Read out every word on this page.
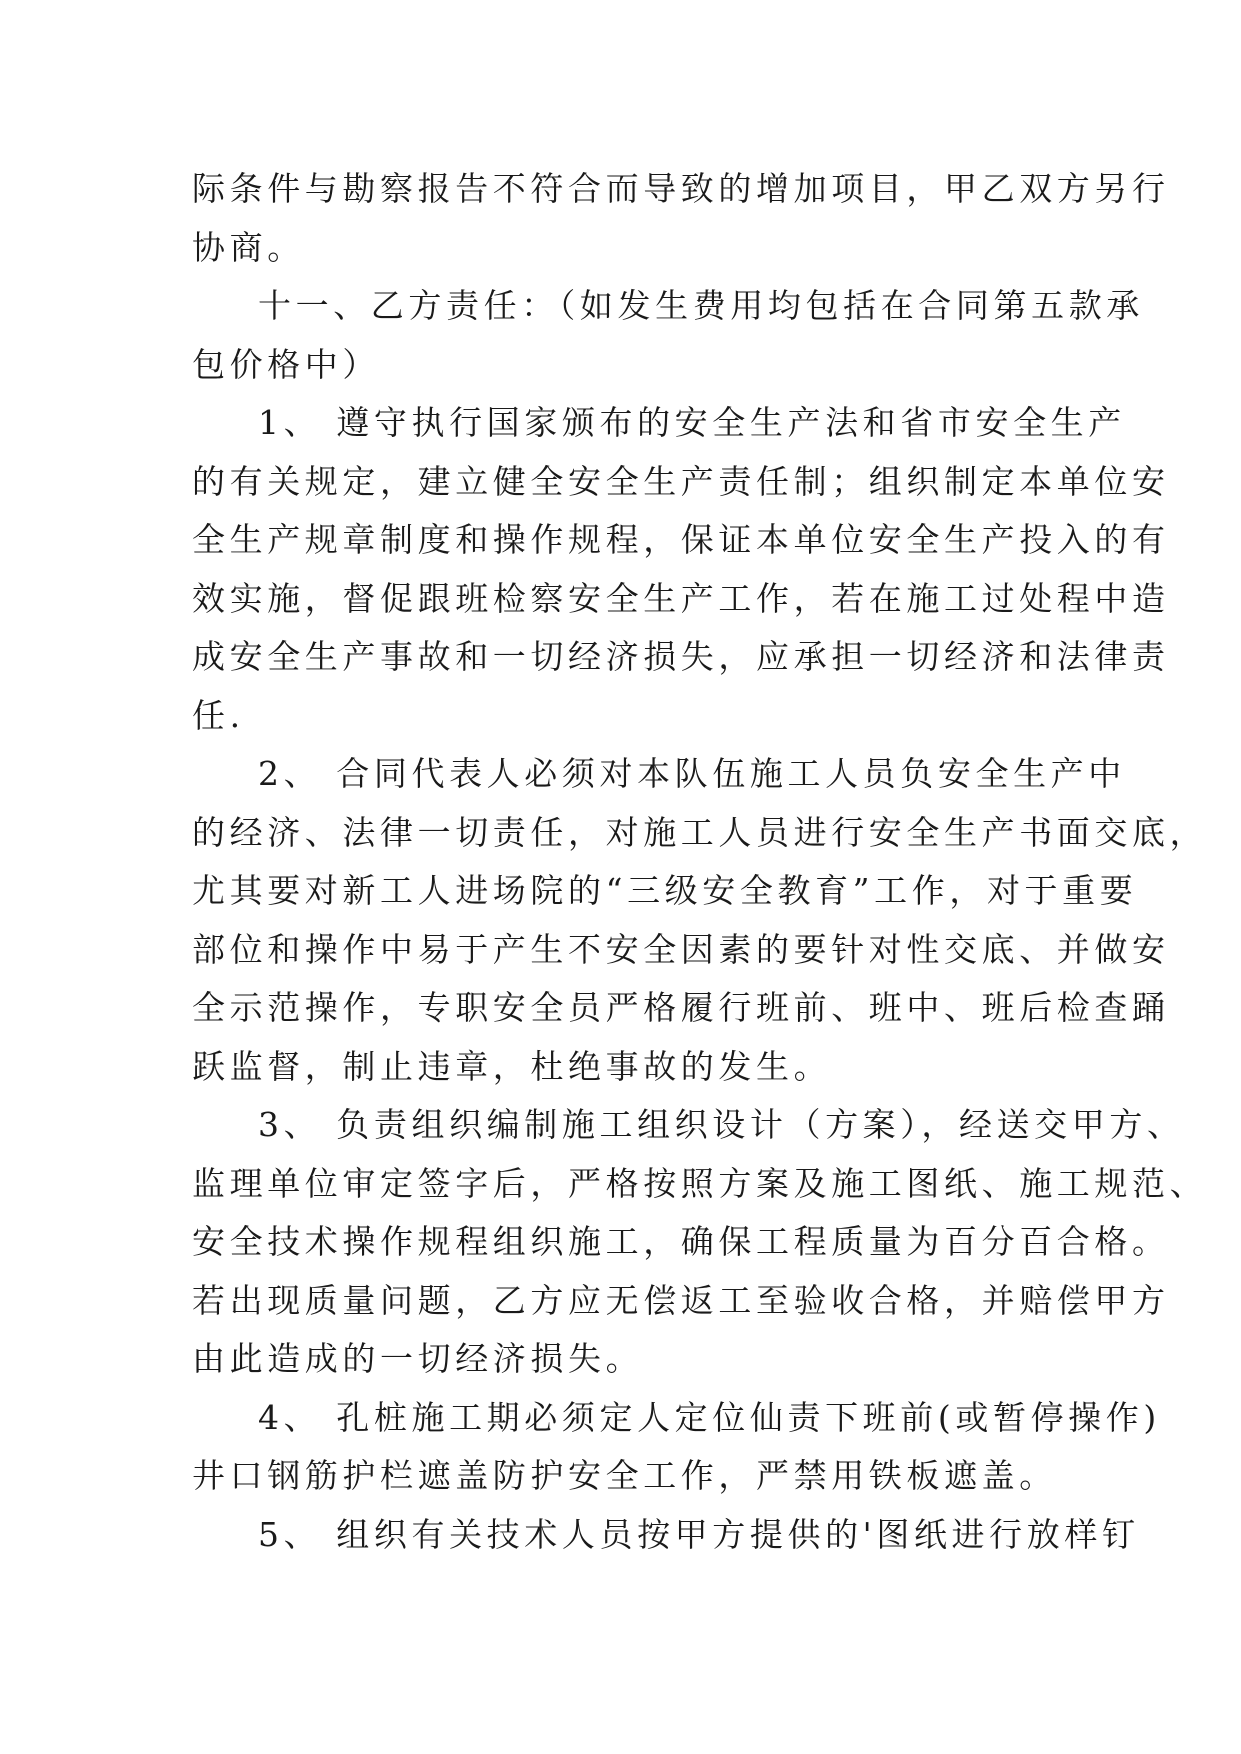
际条件与勘察报告不符合而导致的增加项目，甲乙双方另行
协商。

十一、乙方责任：（如发生费用均包括在合同第五款承
包价格中）

1、 遵守执行国家颁布的安全生产法和省市安全生产
的有关规定，建立健全安全生产责任制；组织制定本单位安
全生产规章制度和操作规程，保证本单位安全生产投入的有
效实施，督促跟班检察安全生产工作，若在施工过处程中造
成安全生产事故和一切经济损失，应承担一切经济和法律责
任.

2、 合同代表人必须对本队伍施工人员负安全生产中
的经济、法律一切责任，对施工人员进行安全生产书面交底，
尤其要对新工人进场院的“三级安全教育”工作，对于重要
部位和操作中易于产生不安全因素的要针对性交底、并做安
全示范操作，专职安全员严格履行班前、班中、班后检查踊
跃监督，制止违章，杜绝事故的发生。

3、 负责组织编制施工组织设计（方案），经送交甲方、
监理单位审定签字后，严格按照方案及施工图纸、施工规范、
安全技术操作规程组织施工，确保工程质量为百分百合格。
若出现质量问题，乙方应无偿返工至验收合格，并赔偿甲方
由此造成的一切经济损失。

4、 孔桩施工期必须定人定位仙责下班前(或暂停操作)
井口钢筋护栏遮盖防护安全工作，严禁用铁板遮盖。

5、 组织有关技术人员按甲方提供的'图纸进行放样钉
